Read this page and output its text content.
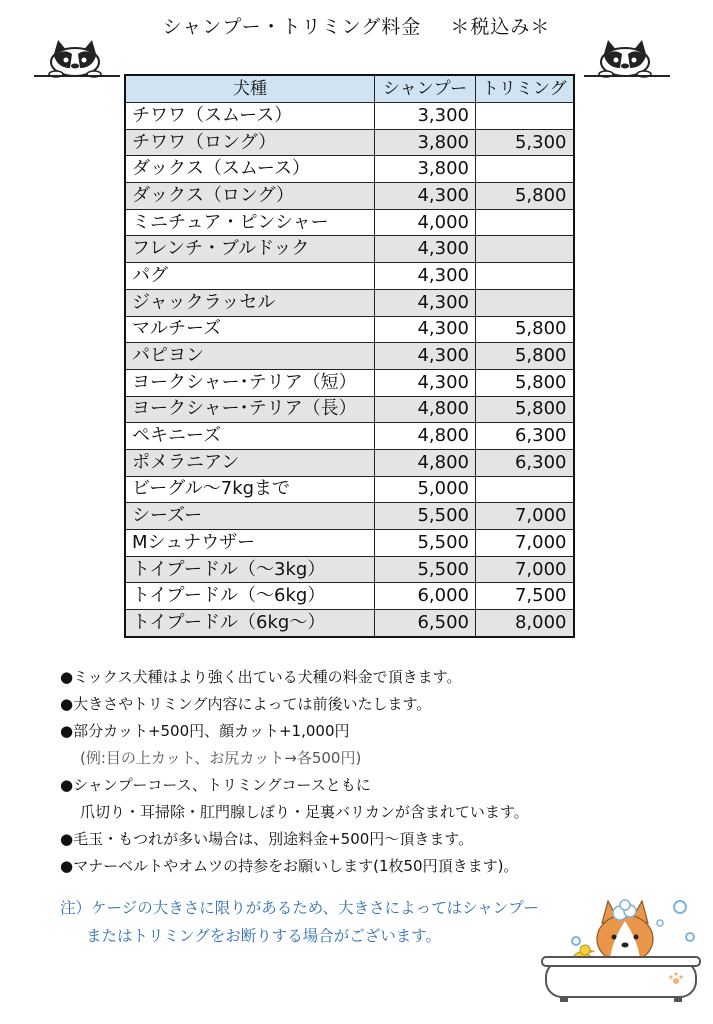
シャンプー・トリミング料金 ＊税込み＊
犬種	シャンプー	トリミング
チワワ（スムース）	3,300	
チワワ（ロング）	3,800	5,300
ダックス（スムース）	3,800	
ダックス（ロング）	4,300	5,800
ミニチュア・ピンシャー	4,000	
フレンチ・ブルドック	4,300	
パグ	4,300	
ジャックラッセル	4,300	
マルチーズ	4,300	5,800
パピヨン	4,300	5,800
ヨークシャー･テリア（短）	4,300	5,800
ヨークシャー･テリア（長）	4,800	5,800
ペキニーズ	4,800	6,300
ポメラニアン	4,800	6,300
ビーグル～7kgまで	5,000	
シーズー	5,500	7,000
Mシュナウザー	5,500	7,000
トイプードル（～3kg）	5,500	7,000
トイプードル（～6kg）	6,000	7,500
トイプードル（6kg～）	6,500	8,000
●ミックス犬種はより強く出ている犬種の料金で頂きます。
●大きさやトリミング内容によっては前後いたします。
●部分カット+500円、顔カット+1,000円
(例:目の上カット、お尻カット→各500円)
●シャンプーコース、トリミングコースともに
爪切り・耳掃除・肛門腺しぼり・足裏バリカンが含まれています。
●毛玉・もつれが多い場合は、別途料金+500円～頂きます。
●マナーベルトやオムツの持参をお願いします(1枚50円頂きます)。
注）ケージの大きさに限りがあるため、大きさによってはシャンプー
またはトリミングをお断りする場合がございます。
